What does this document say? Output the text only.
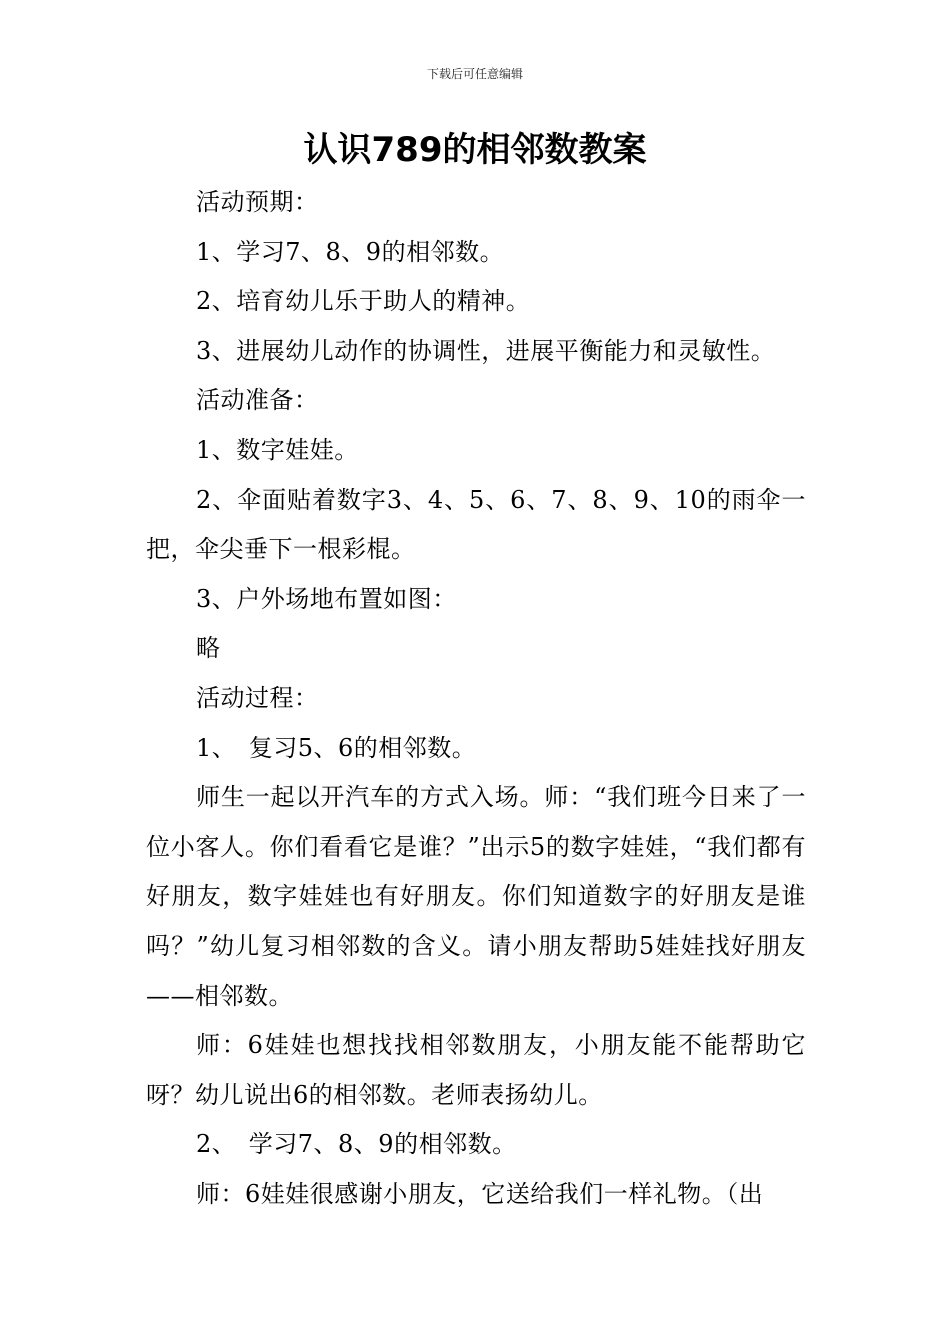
下载后可任意编辑
认识789的相邻数教案

活动预期：

1、学习7、8、9的相邻数。

2、培育幼儿乐于助人的精神。

3、进展幼儿动作的协调性，进展平衡能力和灵敏性。

活动准备：

1、数字娃娃。

2、伞面贴着数字3、4、5、6、7、8、9、10的雨伞一把，伞尖垂下一根彩棍。

3、户外场地布置如图：

略

活动过程：

1、　复习5、6的相邻数。

师生一起以开汽车的方式入场。师：“我们班今日来了一位小客人。你们看看它是谁？”出示5的数字娃娃，“我们都有好朋友，数字娃娃也有好朋友。你们知道数字的好朋友是谁吗？”幼儿复习相邻数的含义。请小朋友帮助5娃娃找好朋友——相邻数。

师：6娃娃也想找找相邻数朋友，小朋友能不能帮助它呀？幼儿说出6的相邻数。老师表扬幼儿。

2、　学习7、8、9的相邻数。

师：6娃娃很感谢小朋友，它送给我们一样礼物。（出
